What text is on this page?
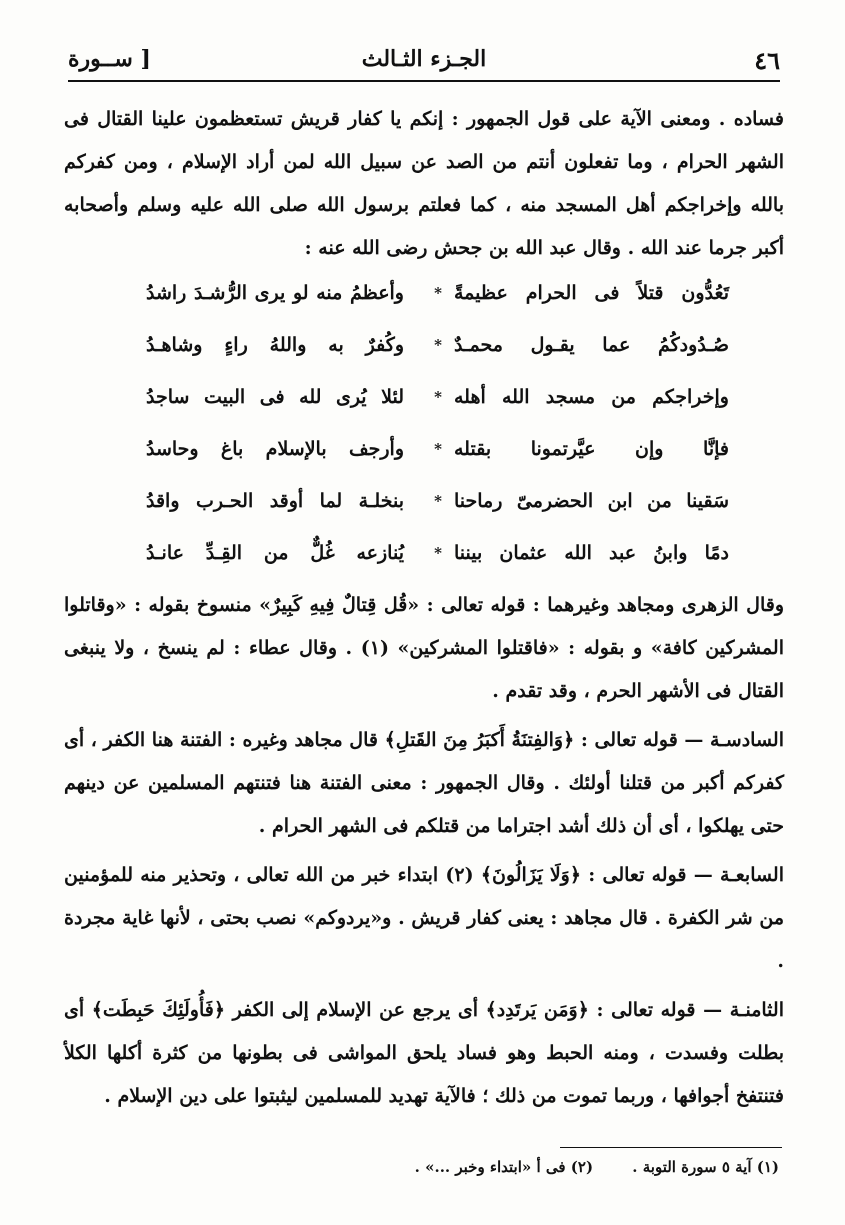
٤٦
الجـزء الثـالث
[ ســورة

فساده . ومعنى الآية على قول الجمهور : إنكم يا كفار قريش تستعظمون علينا القتال فى الشهر الحرام ، وما تفعلون أنتم من الصد عن سبيل الله لمن أراد الإسلام ، ومن كفركم بالله وإخراجكم أهل المسجد منه ، كما فعلتم برسول الله صلى الله عليه وسلم وأصحابه أكبر جرما عند الله . وقال عبد الله بن جحش رضى الله عنه :

تَعُدُّون قتلاً فى الحرام عظيمةً
*
وأعظمُ منه لو يرى الرُّشـدَ راشدُ
صُـدُودكُمُ عما يقـول محمـدٌ
*
وكُفرٌ به واللهُ راءٍ وشاهـدُ
وإخراجكم من مسجد الله أهله
*
لئلا يُرى لله فى البيت ساجدُ
فإنَّا وإن عيَّرتمونا بقتله
*
وأرجف بالإسلام باغ وحاسدُ
سَقينا من ابن الحضرمىّ رماحنا
*
بنخلـة لما أوقد الحـرب واقدُ
دمًا وابنُ عبد الله عثمان بيننا
*
يُنازعه غُلٌّ من القِـدِّ عانـدُ

وقال الزهرى ومجاهد وغيرهما : قوله تعالى : «قُل قِتالٌ فِيهِ كَبِيرٌ» منسوخ بقوله : «وقاتلوا المشركين كافة» و بقوله : «فاقتلوا المشركين» (١) . وقال عطاء : لم ينسخ ، ولا ينبغى القتال فى الأشهر الحرم ، وقد تقدم .

السادسـة — قوله تعالى : ﴿وَالفِتنَةُ أَكبَرُ مِنَ القَتلِ﴾ قال مجاهد وغيره : الفتنة هنا الكفر ، أى كفركم أكبر من قتلنا أولئك . وقال الجمهور : معنى الفتنة هنا فتنتهم المسلمين عن دينهم حتى يهلكوا ، أى أن ذلك أشد اجتراما من قتلكم فى الشهر الحرام .

السابعـة — قوله تعالى : ﴿وَلَا يَزَالُونَ﴾ (٢) ابتداء خبر من الله تعالى ، وتحذير منه للمؤمنين من شر الكفرة . قال مجاهد : يعنى كفار قريش . و«يردوكم» نصب بحتى ، لأنها غاية مجردة .

الثامنـة — قوله تعالى : ﴿وَمَن يَرتَدِد﴾ أى يرجع عن الإسلام إلى الكفر ﴿فَأُولَئِكَ حَبِطَت﴾ أى بطلت وفسدت ، ومنه الحبط وهو فساد يلحق المواشى فى بطونها من كثرة أكلها الكلأ فتنتفخ أجوافها ، وربما تموت من ذلك ؛ فالآية تهديد للمسلمين ليثبتوا على دين الإسلام .

(١) آية ٥ سورة التوبة . (٢) فى أ «ابتداء وخبر ...» .
